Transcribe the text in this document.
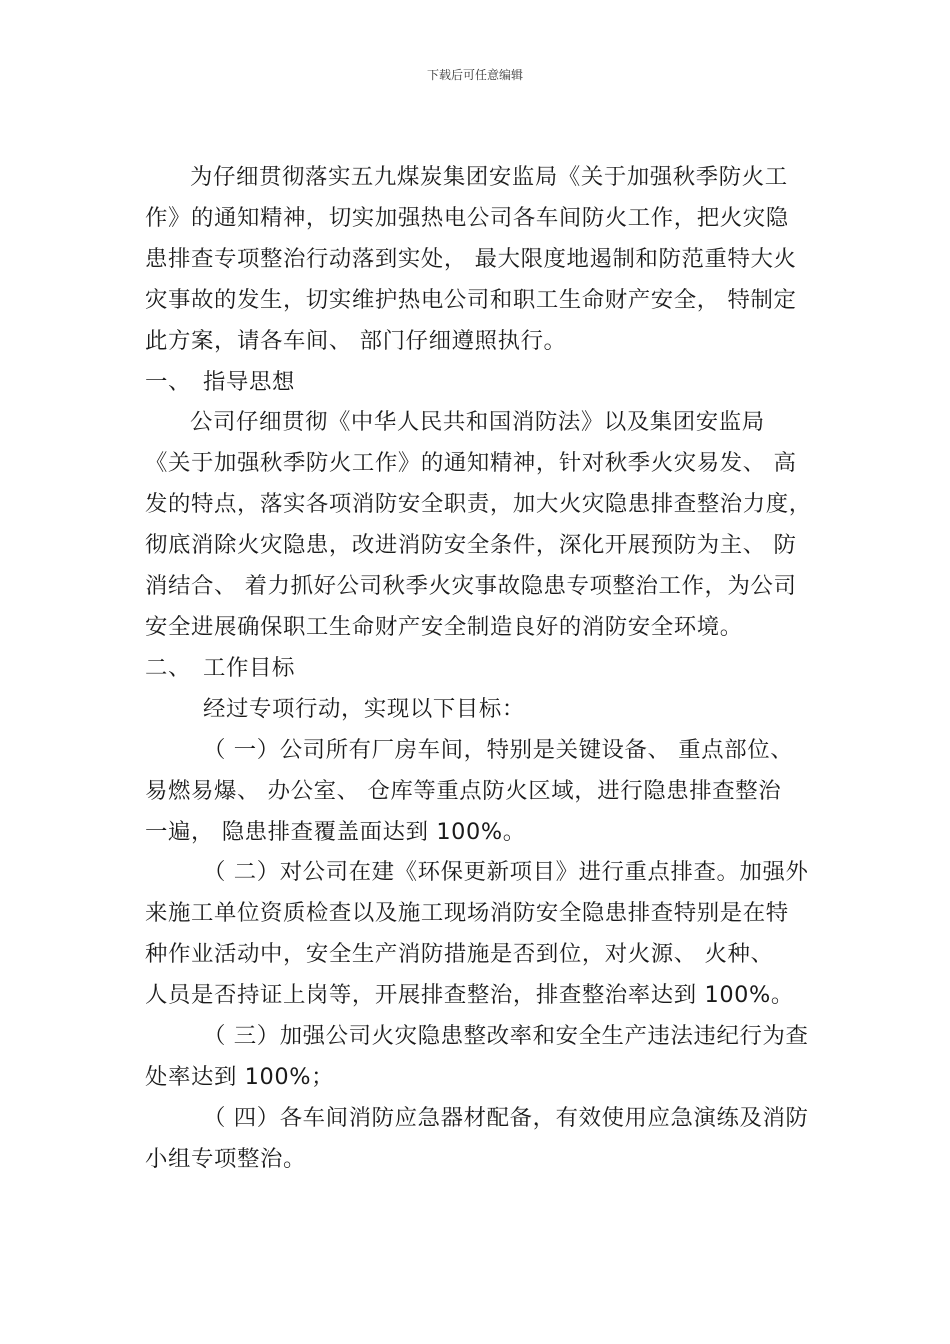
下载后可任意编辑

为仔细贯彻落实五九煤炭集团安监局《关于加强秋季防火工

作》的通知精神，切实加强热电公司各车间防火工作，把火灾隐

患排查专项整治行动落到实处， 最大限度地遏制和防范重特大火

灾事故的发生，切实维护热电公司和职工生命财产安全， 特制定

此方案，请各车间、 部门仔细遵照执行。

一、 指导思想

公司仔细贯彻《中华人民共和国消防法》以及集团安监局

《关于加强秋季防火工作》的通知精神，针对秋季火灾易发、 高

发的特点，落实各项消防安全职责，加大火灾隐患排查整治力度，

彻底消除火灾隐患，改进消防安全条件，深化开展预防为主、 防

消结合、 着力抓好公司秋季火灾事故隐患专项整治工作，为公司

安全进展确保职工生命财产安全制造良好的消防安全环境。

二、 工作目标

经过专项行动，实现以下目标：

（ 一）公司所有厂房车间，特别是关键设备、 重点部位、

易燃易爆、 办公室、 仓库等重点防火区域，进行隐患排查整治

一遍， 隐患排查覆盖面达到 100%。

（ 二）对公司在建《环保更新项目》进行重点排查。加强外

来施工单位资质检查以及施工现场消防安全隐患排查特别是在特

种作业活动中，安全生产消防措施是否到位，对火源、 火种、

人员是否持证上岗等，开展排查整治，排查整治率达到 100%。

（ 三）加强公司火灾隐患整改率和安全生产违法违纪行为查

处率达到 100%；

（ 四）各车间消防应急器材配备，有效使用应急演练及消防

小组专项整治。
